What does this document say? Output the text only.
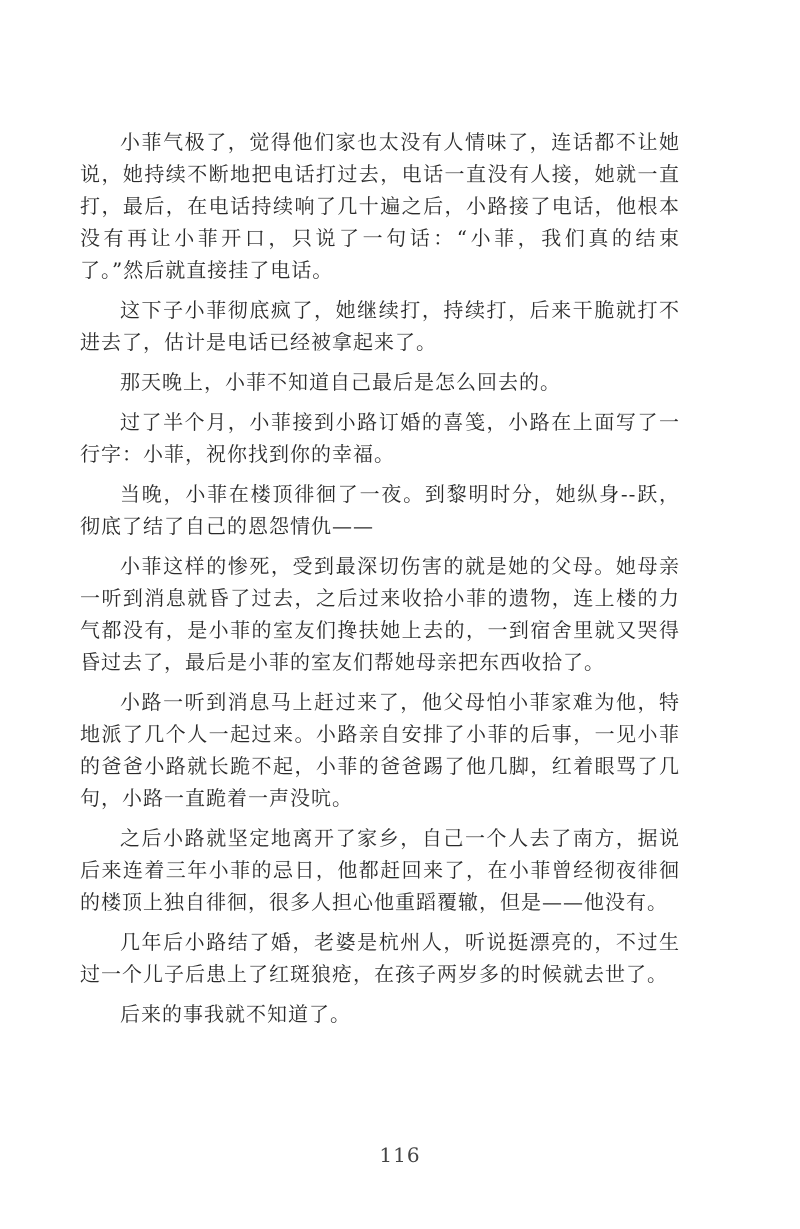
小菲气极了，觉得他们家也太没有人情味了，连话都不让她说，她持续不断地把电话打过去，电话一直没有人接，她就一直打，最后，在电话持续响了几十遍之后，小路接了电话，他根本没有再让小菲开口，只说了一句话：“小菲，我们真的结束了。”然后就直接挂了电话。

这下子小菲彻底疯了，她继续打，持续打，后来干脆就打不进去了，估计是电话已经被拿起来了。

那天晚上，小菲不知道自己最后是怎么回去的。

过了半个月，小菲接到小路订婚的喜笺，小路在上面写了一行字：小菲，祝你找到你的幸福。

当晚，小菲在楼顶徘徊了一夜。到黎明时分，她纵身--跃，彻底了结了自己的恩怨情仇——

小菲这样的惨死，受到最深切伤害的就是她的父母。她母亲一听到消息就昏了过去，之后过来收拾小菲的遗物，连上楼的力气都没有，是小菲的室友们搀扶她上去的，一到宿舍里就又哭得昏过去了，最后是小菲的室友们帮她母亲把东西收拾了。

小路一听到消息马上赶过来了，他父母怕小菲家难为他，特地派了几个人一起过来。小路亲自安排了小菲的后事，一见小菲的爸爸小路就长跪不起，小菲的爸爸踢了他几脚，红着眼骂了几句，小路一直跪着一声没吭。

之后小路就坚定地离开了家乡，自己一个人去了南方，据说后来连着三年小菲的忌日，他都赶回来了，在小菲曾经彻夜徘徊的楼顶上独自徘徊，很多人担心他重蹈覆辙，但是——他没有。

几年后小路结了婚，老婆是杭州人，听说挺漂亮的，不过生过一个儿子后患上了红斑狼疮，在孩子两岁多的时候就去世了。

后来的事我就不知道了。

116
